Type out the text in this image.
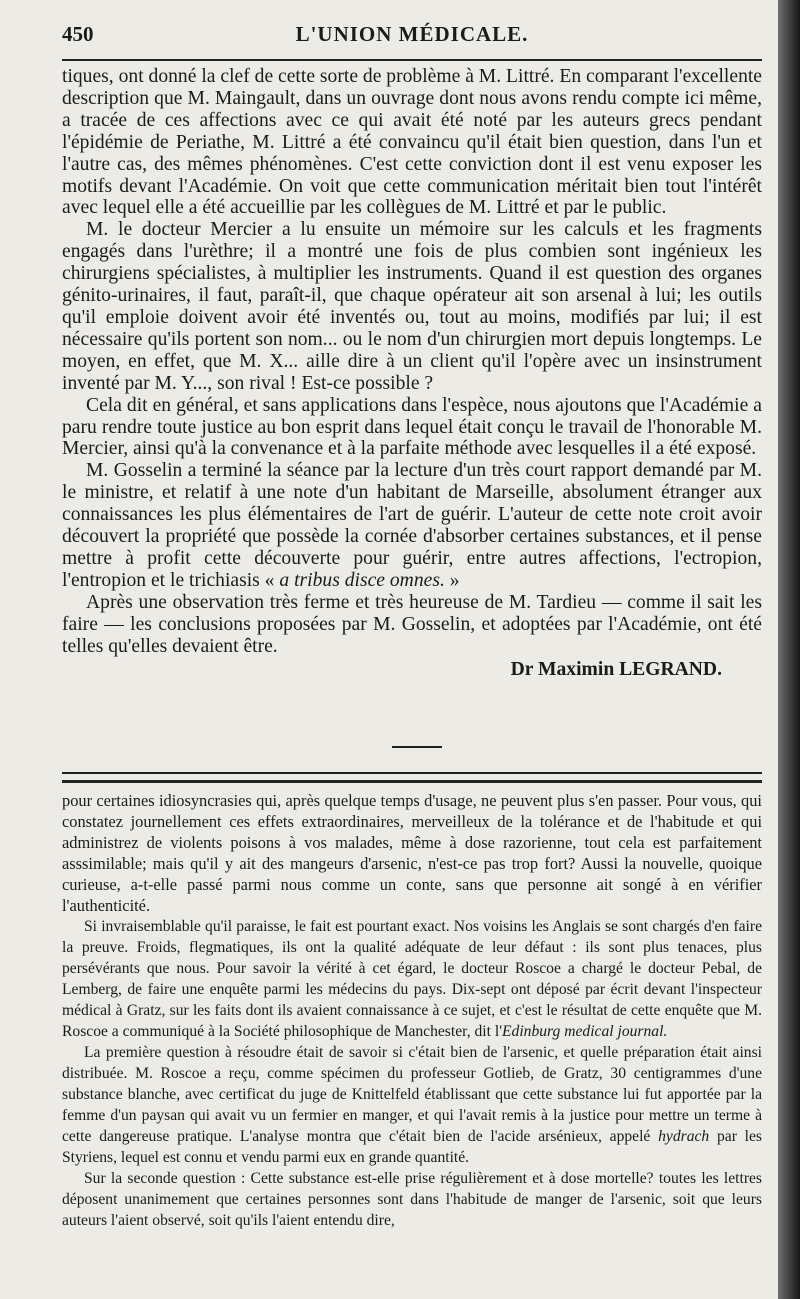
450	L'UNION MÉDICALE.

tiques, ont donné la clef de cette sorte de problème à M. Littré. En comparant l'excellente description que M. Maingault, dans un ouvrage dont nous avons rendu compte ici même, a tracée de ces affections avec ce qui avait été noté par les auteurs grecs pendant l'épidémie de Periathe, M. Littré a été convaincu qu'il était bien question, dans l'un et l'autre cas, des mêmes phénomènes. C'est cette conviction dont il est venu exposer les motifs devant l'Académie. On voit que cette communication méritait bien tout l'intérêt avec lequel elle a été accueillie par les collègues de M. Littré et par le public.

M. le docteur Mercier a lu ensuite un mémoire sur les calculs et les fragments engagés dans l'urèthre; il a montré une fois de plus combien sont ingénieux les chirurgiens spécialistes, à multiplier les instruments. Quand il est question des organes génito-urinaires, il faut, paraît-il, que chaque opérateur ait son arsenal à lui; les outils qu'il emploie doivent avoir été inventés ou, tout au moins, modifiés par lui; il est nécessaire qu'ils portent son nom... ou le nom d'un chirurgien mort depuis longtemps. Le moyen, en effet, que M. X... aille dire à un client qu'il l'opère avec un insinstrument inventé par M. Y..., son rival ! Est-ce possible ?

Cela dit en général, et sans applications dans l'espèce, nous ajoutons que l'Académie a paru rendre toute justice au bon esprit dans lequel était conçu le travail de l'honorable M. Mercier, ainsi qu'à la convenance et à la parfaite méthode avec lesquelles il a été exposé.

M. Gosselin a terminé la séance par la lecture d'un très court rapport demandé par M. le ministre, et relatif à une note d'un habitant de Marseille, absolument étranger aux connaissances les plus élémentaires de l'art de guérir. L'auteur de cette note croit avoir découvert la propriété que possède la cornée d'absorber certaines substances, et il pense mettre à profit cette découverte pour guérir, entre autres affections, l'ectropion, l'entropion et le trichiasis « a tribus disce omnes. »

Après une observation très ferme et très heureuse de M. Tardieu — comme il sait les faire — les conclusions proposées par M. Gosselin, et adoptées par l'Académie, ont été telles qu'elles devaient être.

Dr Maximin LEGRAND.

pour certaines idiosyncrasies qui, après quelque temps d'usage, ne peuvent plus s'en passer. Pour vous, qui constatez journellement ces effets extraordinaires, merveilleux de la tolérance et de l'habitude et qui administrez de violents poisons à vos malades, même à dose razorienne, tout cela est parfaitement asssimilable; mais qu'il y ait des mangeurs d'arsenic, n'est-ce pas trop fort? Aussi la nouvelle, quoique curieuse, a-t-elle passé parmi nous comme un conte, sans que personne ait songé à en vérifier l'authenticité.

Si invraisemblable qu'il paraisse, le fait est pourtant exact. Nos voisins les Anglais se sont chargés d'en faire la preuve. Froids, flegmatiques, ils ont la qualité adéquate de leur défaut : ils sont plus tenaces, plus persévérants que nous. Pour savoir la vérité à cet égard, le docteur Roscoe a chargé le docteur Pebal, de Lemberg, de faire une enquête parmi les médecins du pays. Dix-sept ont déposé par écrit devant l'inspecteur médical à Gratz, sur les faits dont ils avaient connaissance à ce sujet, et c'est le résultat de cette enquête que M. Roscoe a communiqué à la Société philosophique de Manchester, dit l'Edinburg medical journal.

La première question à résoudre était de savoir si c'était bien de l'arsenic, et quelle préparation était ainsi distribuée. M. Roscoe a reçu, comme spécimen du professeur Gotlieb, de Gratz, 30 centigrammes d'une substance blanche, avec certificat du juge de Knittelfeld établissant que cette substance lui fut apportée par la femme d'un paysan qui avait vu un fermier en manger, et qui l'avait remis à la justice pour mettre un terme à cette dangereuse pratique. L'analyse montra que c'était bien de l'acide arsénieux, appelé hydrach par les Styriens, lequel est connu et vendu parmi eux en grande quantité.

Sur la seconde question : Cette substance est-elle prise régulièrement et à dose mortelle? toutes les lettres déposent unanimement que certaines personnes sont dans l'habitude de manger de l'arsenic, soit que leurs auteurs l'aient observé, soit qu'ils l'aient entendu dire,
